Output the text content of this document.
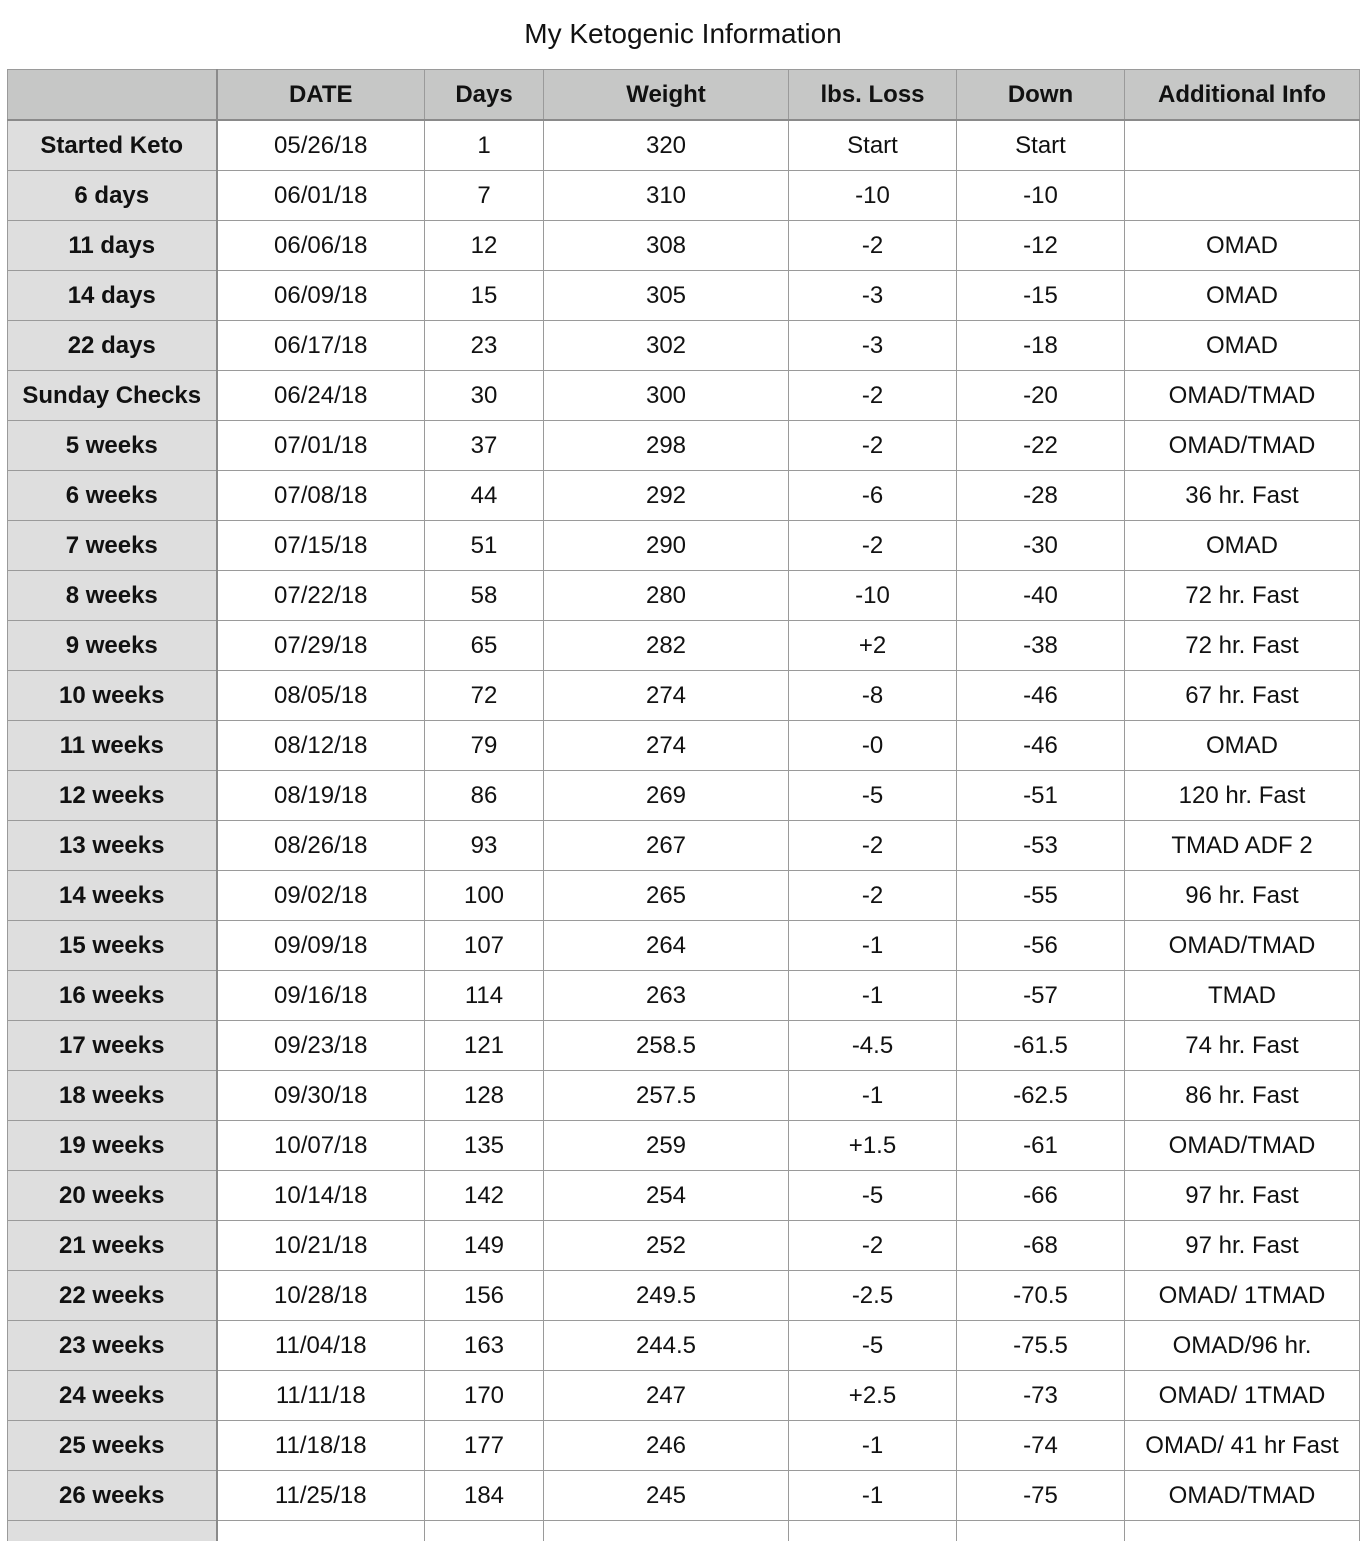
My Ketogenic Information
	DATE	Days	Weight	lbs. Loss	Down	Additional Info
Started Keto	05/26/18	1	320	Start	Start	
6 days	06/01/18	7	310	-10	-10	
11 days	06/06/18	12	308	-2	-12	OMAD
14 days	06/09/18	15	305	-3	-15	OMAD
22 days	06/17/18	23	302	-3	-18	OMAD
Sunday Checks	06/24/18	30	300	-2	-20	OMAD/TMAD
5 weeks	07/01/18	37	298	-2	-22	OMAD/TMAD
6 weeks	07/08/18	44	292	-6	-28	36 hr. Fast
7 weeks	07/15/18	51	290	-2	-30	OMAD
8 weeks	07/22/18	58	280	-10	-40	72 hr. Fast
9 weeks	07/29/18	65	282	+2	-38	72 hr. Fast
10 weeks	08/05/18	72	274	-8	-46	67 hr. Fast
11 weeks	08/12/18	79	274	-0	-46	OMAD
12 weeks	08/19/18	86	269	-5	-51	120 hr. Fast
13 weeks	08/26/18	93	267	-2	-53	TMAD ADF 2
14 weeks	09/02/18	100	265	-2	-55	96 hr. Fast
15 weeks	09/09/18	107	264	-1	-56	OMAD/TMAD
16 weeks	09/16/18	114	263	-1	-57	TMAD
17 weeks	09/23/18	121	258.5	-4.5	-61.5	74 hr. Fast
18 weeks	09/30/18	128	257.5	-1	-62.5	86 hr. Fast
19 weeks	10/07/18	135	259	+1.5	-61	OMAD/TMAD
20 weeks	10/14/18	142	254	-5	-66	97 hr. Fast
21 weeks	10/21/18	149	252	-2	-68	97 hr. Fast
22 weeks	10/28/18	156	249.5	-2.5	-70.5	OMAD/ 1TMAD
23 weeks	11/04/18	163	244.5	-5	-75.5	OMAD/96 hr.
24 weeks	11/11/18	170	247	+2.5	-73	OMAD/ 1TMAD
25 weeks	11/18/18	177	246	-1	-74	OMAD/ 41 hr Fast
26 weeks	11/25/18	184	245	-1	-75	OMAD/TMAD
